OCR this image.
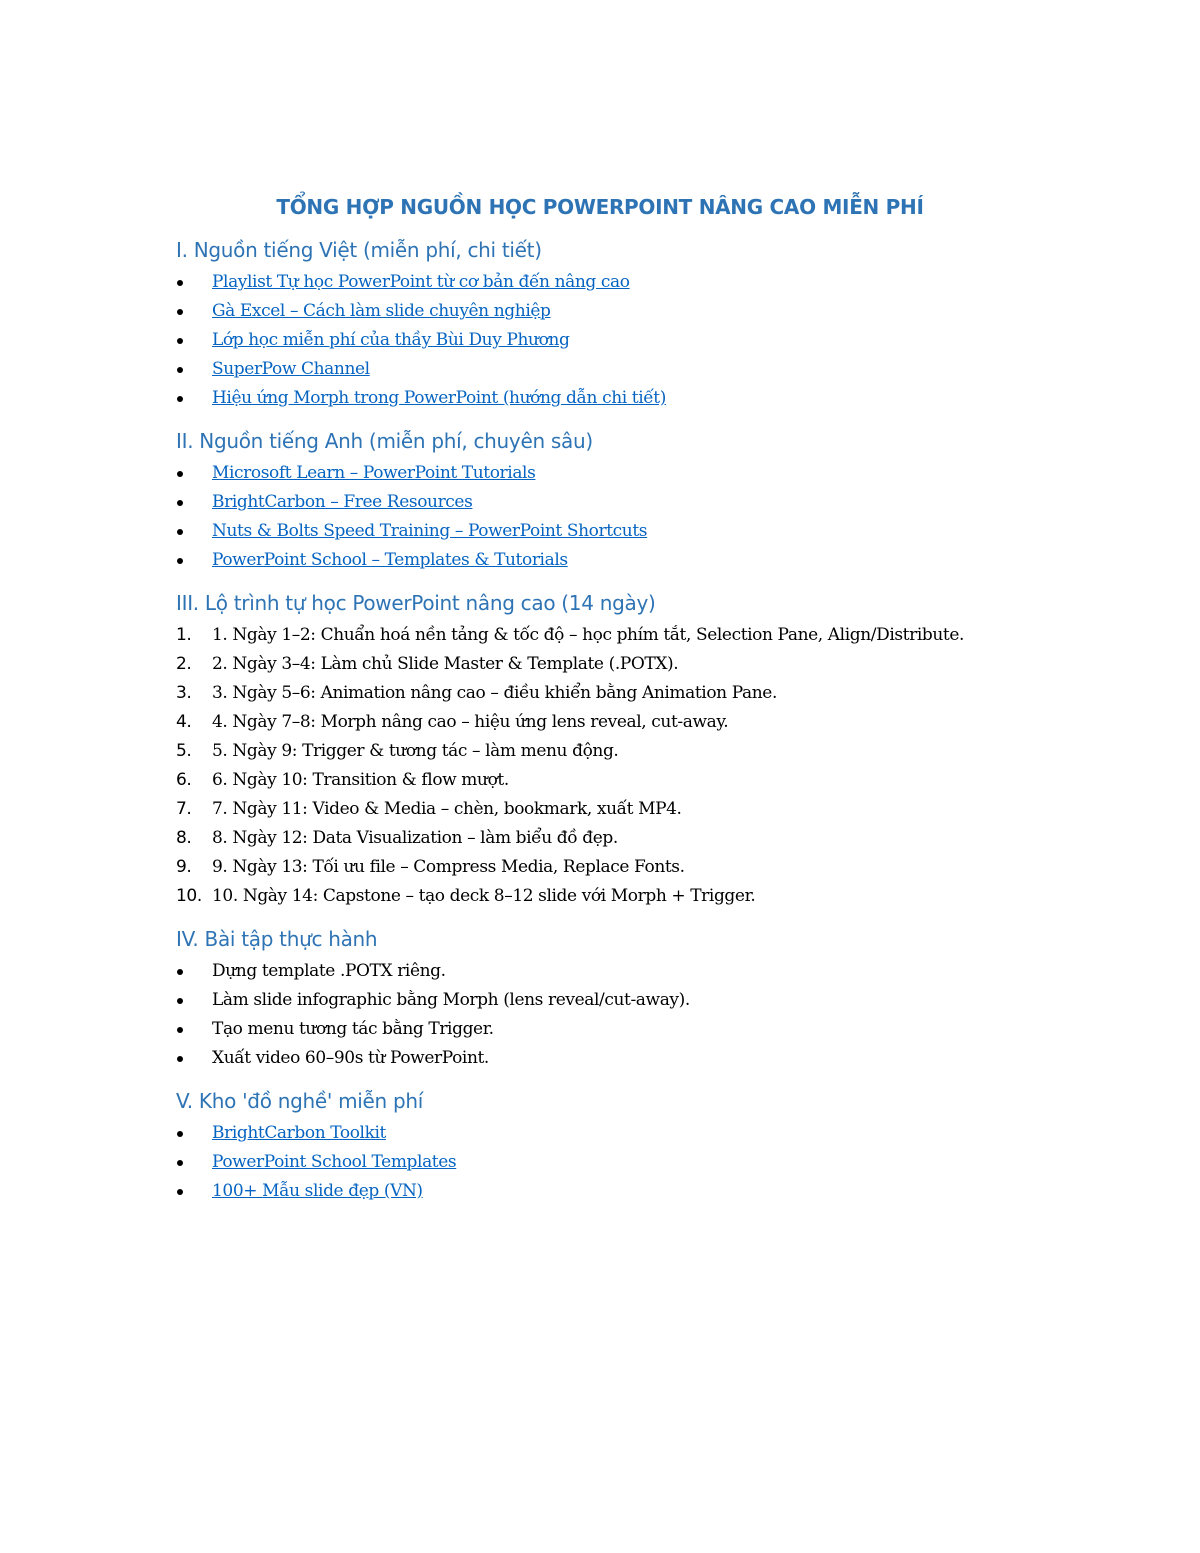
TỔNG HỢP NGUỒN HỌC POWERPOINT NÂNG CAO MIỄN PHÍ
I. Nguồn tiếng Việt (miễn phí, chi tiết)
Playlist Tự học PowerPoint từ cơ bản đến nâng cao
Gà Excel – Cách làm slide chuyên nghiệp
Lớp học miễn phí của thầy Bùi Duy Phương
SuperPow Channel
Hiệu ứng Morph trong PowerPoint (hướng dẫn chi tiết)
II. Nguồn tiếng Anh (miễn phí, chuyên sâu)
Microsoft Learn – PowerPoint Tutorials
BrightCarbon – Free Resources
Nuts & Bolts Speed Training – PowerPoint Shortcuts
PowerPoint School – Templates & Tutorials
III. Lộ trình tự học PowerPoint nâng cao (14 ngày)
1. 1. Ngày 1–2: Chuẩn hoá nền tảng & tốc độ – học phím tắt, Selection Pane, Align/Distribute.
2. 2. Ngày 3–4: Làm chủ Slide Master & Template (.POTX).
3. 3. Ngày 5–6: Animation nâng cao – điều khiển bằng Animation Pane.
4. 4. Ngày 7–8: Morph nâng cao – hiệu ứng lens reveal, cut-away.
5. 5. Ngày 9: Trigger & tương tác – làm menu động.
6. 6. Ngày 10: Transition & flow mượt.
7. 7. Ngày 11: Video & Media – chèn, bookmark, xuất MP4.
8. 8. Ngày 12: Data Visualization – làm biểu đồ đẹp.
9. 9. Ngày 13: Tối ưu file – Compress Media, Replace Fonts.
10. 10. Ngày 14: Capstone – tạo deck 8–12 slide với Morph + Trigger.
IV. Bài tập thực hành
Dựng template .POTX riêng.
Làm slide infographic bằng Morph (lens reveal/cut-away).
Tạo menu tương tác bằng Trigger.
Xuất video 60–90s từ PowerPoint.
V. Kho 'đồ nghề' miễn phí
BrightCarbon Toolkit
PowerPoint School Templates
100+ Mẫu slide đẹp (VN)
